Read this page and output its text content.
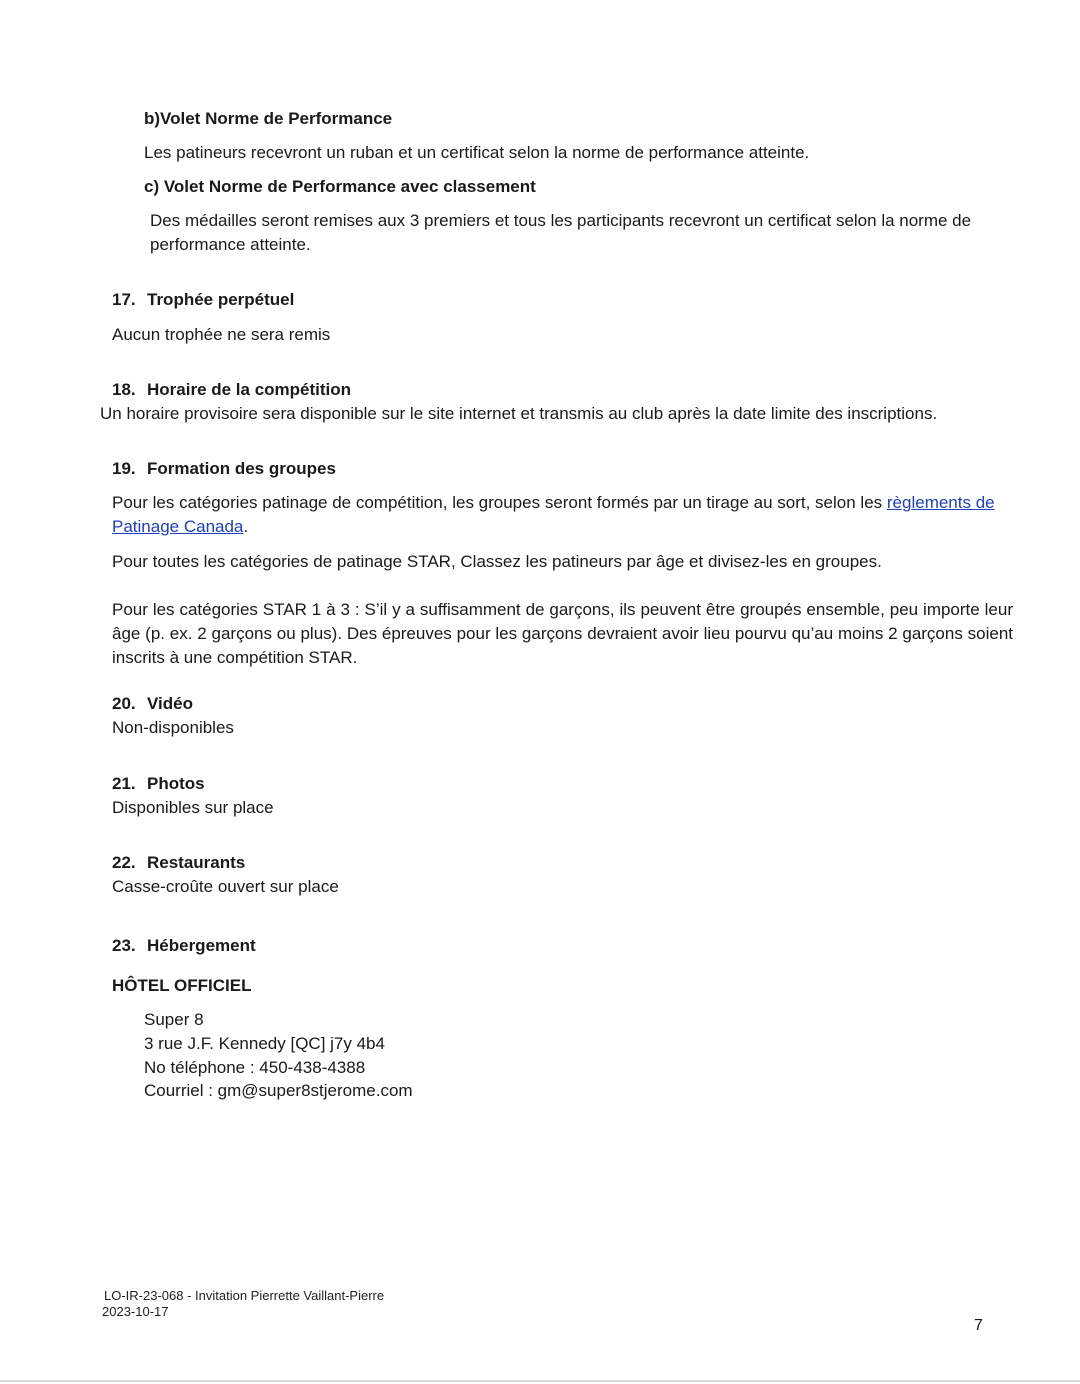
b)Volet Norme de Performance
Les patineurs recevront un ruban et un certificat selon la norme de performance atteinte.
c) Volet Norme de Performance avec classement
Des médailles seront remises aux 3 premiers et tous les participants recevront un certificat selon la norme de
performance atteinte.
17. Trophée perpétuel
Aucun trophée ne sera remis
18. Horaire de la compétition
Un horaire provisoire sera disponible sur le site internet et transmis au club après la date limite des inscriptions.
19. Formation des groupes
Pour les catégories patinage de compétition, les groupes seront formés par un tirage au sort, selon les règlements de Patinage Canada.
Pour toutes les catégories de patinage STAR, Classez les patineurs par âge et divisez-les en groupes.
Pour les catégories STAR 1 à 3 : S’il y a suffisamment de garçons, ils peuvent être groupés ensemble, peu importe leur âge (p. ex. 2 garçons ou plus). Des épreuves pour les garçons devraient avoir lieu pourvu qu’au moins 2 garçons soient inscrits à une compétition STAR.
20. Vidéo
Non-disponibles
21. Photos
Disponibles sur place
22. Restaurants
Casse-croûte ouvert sur place
23. Hébergement
HÔTEL OFFICIEL
Super 8
3 rue J.F. Kennedy [QC] j7y 4b4
No téléphone : 450-438-4388
Courriel : gm@super8stjerome.com
LO-IR-23-068 - Invitation Pierrette Vaillant-Pierre
2023-10-17
7
